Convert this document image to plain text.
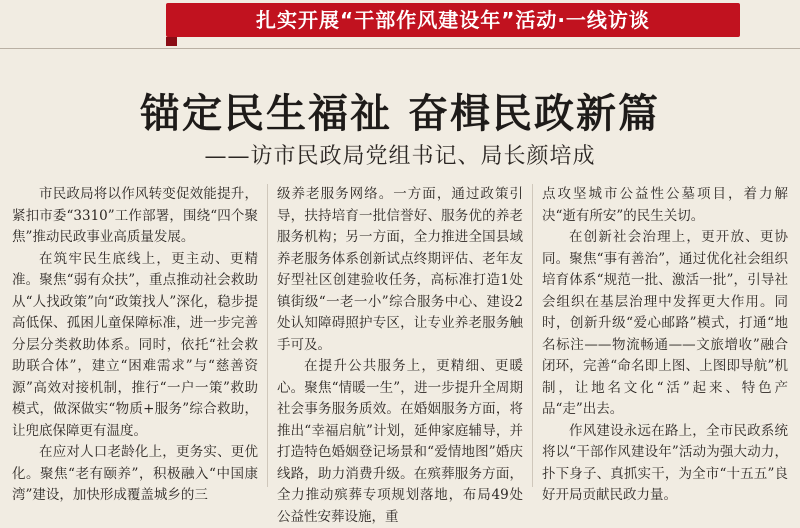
扎实开展“干部作风建设年”活动·一线访谈
锚定民生福祉 奋楫民政新篇
——访市民政局党组书记、局长颜培成

市民政局将以作风转变促效能提升，紧扣市委“3310”工作部署，围绕“四个聚焦”推动民政事业高质量发展。

在筑牢民生底线上，更主动、更精准。聚焦“弱有众扶”，重点推动社会救助从“人找政策”向“政策找人”深化，稳步提高低保、孤困儿童保障标准，进一步完善分层分类救助体系。同时，依托“社会救助联合体”，建立“困难需求”与“慈善资源”高效对接机制，推行“一户一策”救助模式，做深做实“物质+服务”综合救助，让兜底保障更有温度。

在应对人口老龄化上，更务实、更优化。聚焦“老有颐养”，积极融入“中国康湾”建设，加快形成覆盖城乡的三

级养老服务网络。一方面，通过政策引导，扶持培育一批信誉好、服务优的养老服务机构；另一方面，全力推进全国县域养老服务体系创新试点终期评估、老年友好型社区创建验收任务，高标准打造1处镇街级“一老一小”综合服务中心、建设2处认知障碍照护专区，让专业养老服务触手可及。

在提升公共服务上，更精细、更暖心。聚焦“情暖一生”，进一步提升全周期社会事务服务质效。在婚姻服务方面，将推出“幸福启航”计划，延伸家庭辅导，并打造特色婚姻登记场景和“爱情地图”婚庆线路，助力消费升级。在殡葬服务方面，全力推动殡葬专项规划落地，布局49处公益性安葬设施，重

点攻坚城市公益性公墓项目，着力解决“逝有所安”的民生关切。

在创新社会治理上，更开放、更协同。聚焦“事有善治”，通过优化社会组织培育体系“规范一批、激活一批”，引导社会组织在基层治理中发挥更大作用。同时，创新升级“爱心邮路”模式，打通“地名标注——物流畅通——文旅增收”融合闭环，完善“命名即上图、上图即导航”机制，让地名文化“活”起来、特色产品“走”出去。

作风建设永远在路上，全市民政系统将以“干部作风建设年”活动为强大动力，扑下身子、真抓实干，为全市“十五五”良好开局贡献民政力量。
